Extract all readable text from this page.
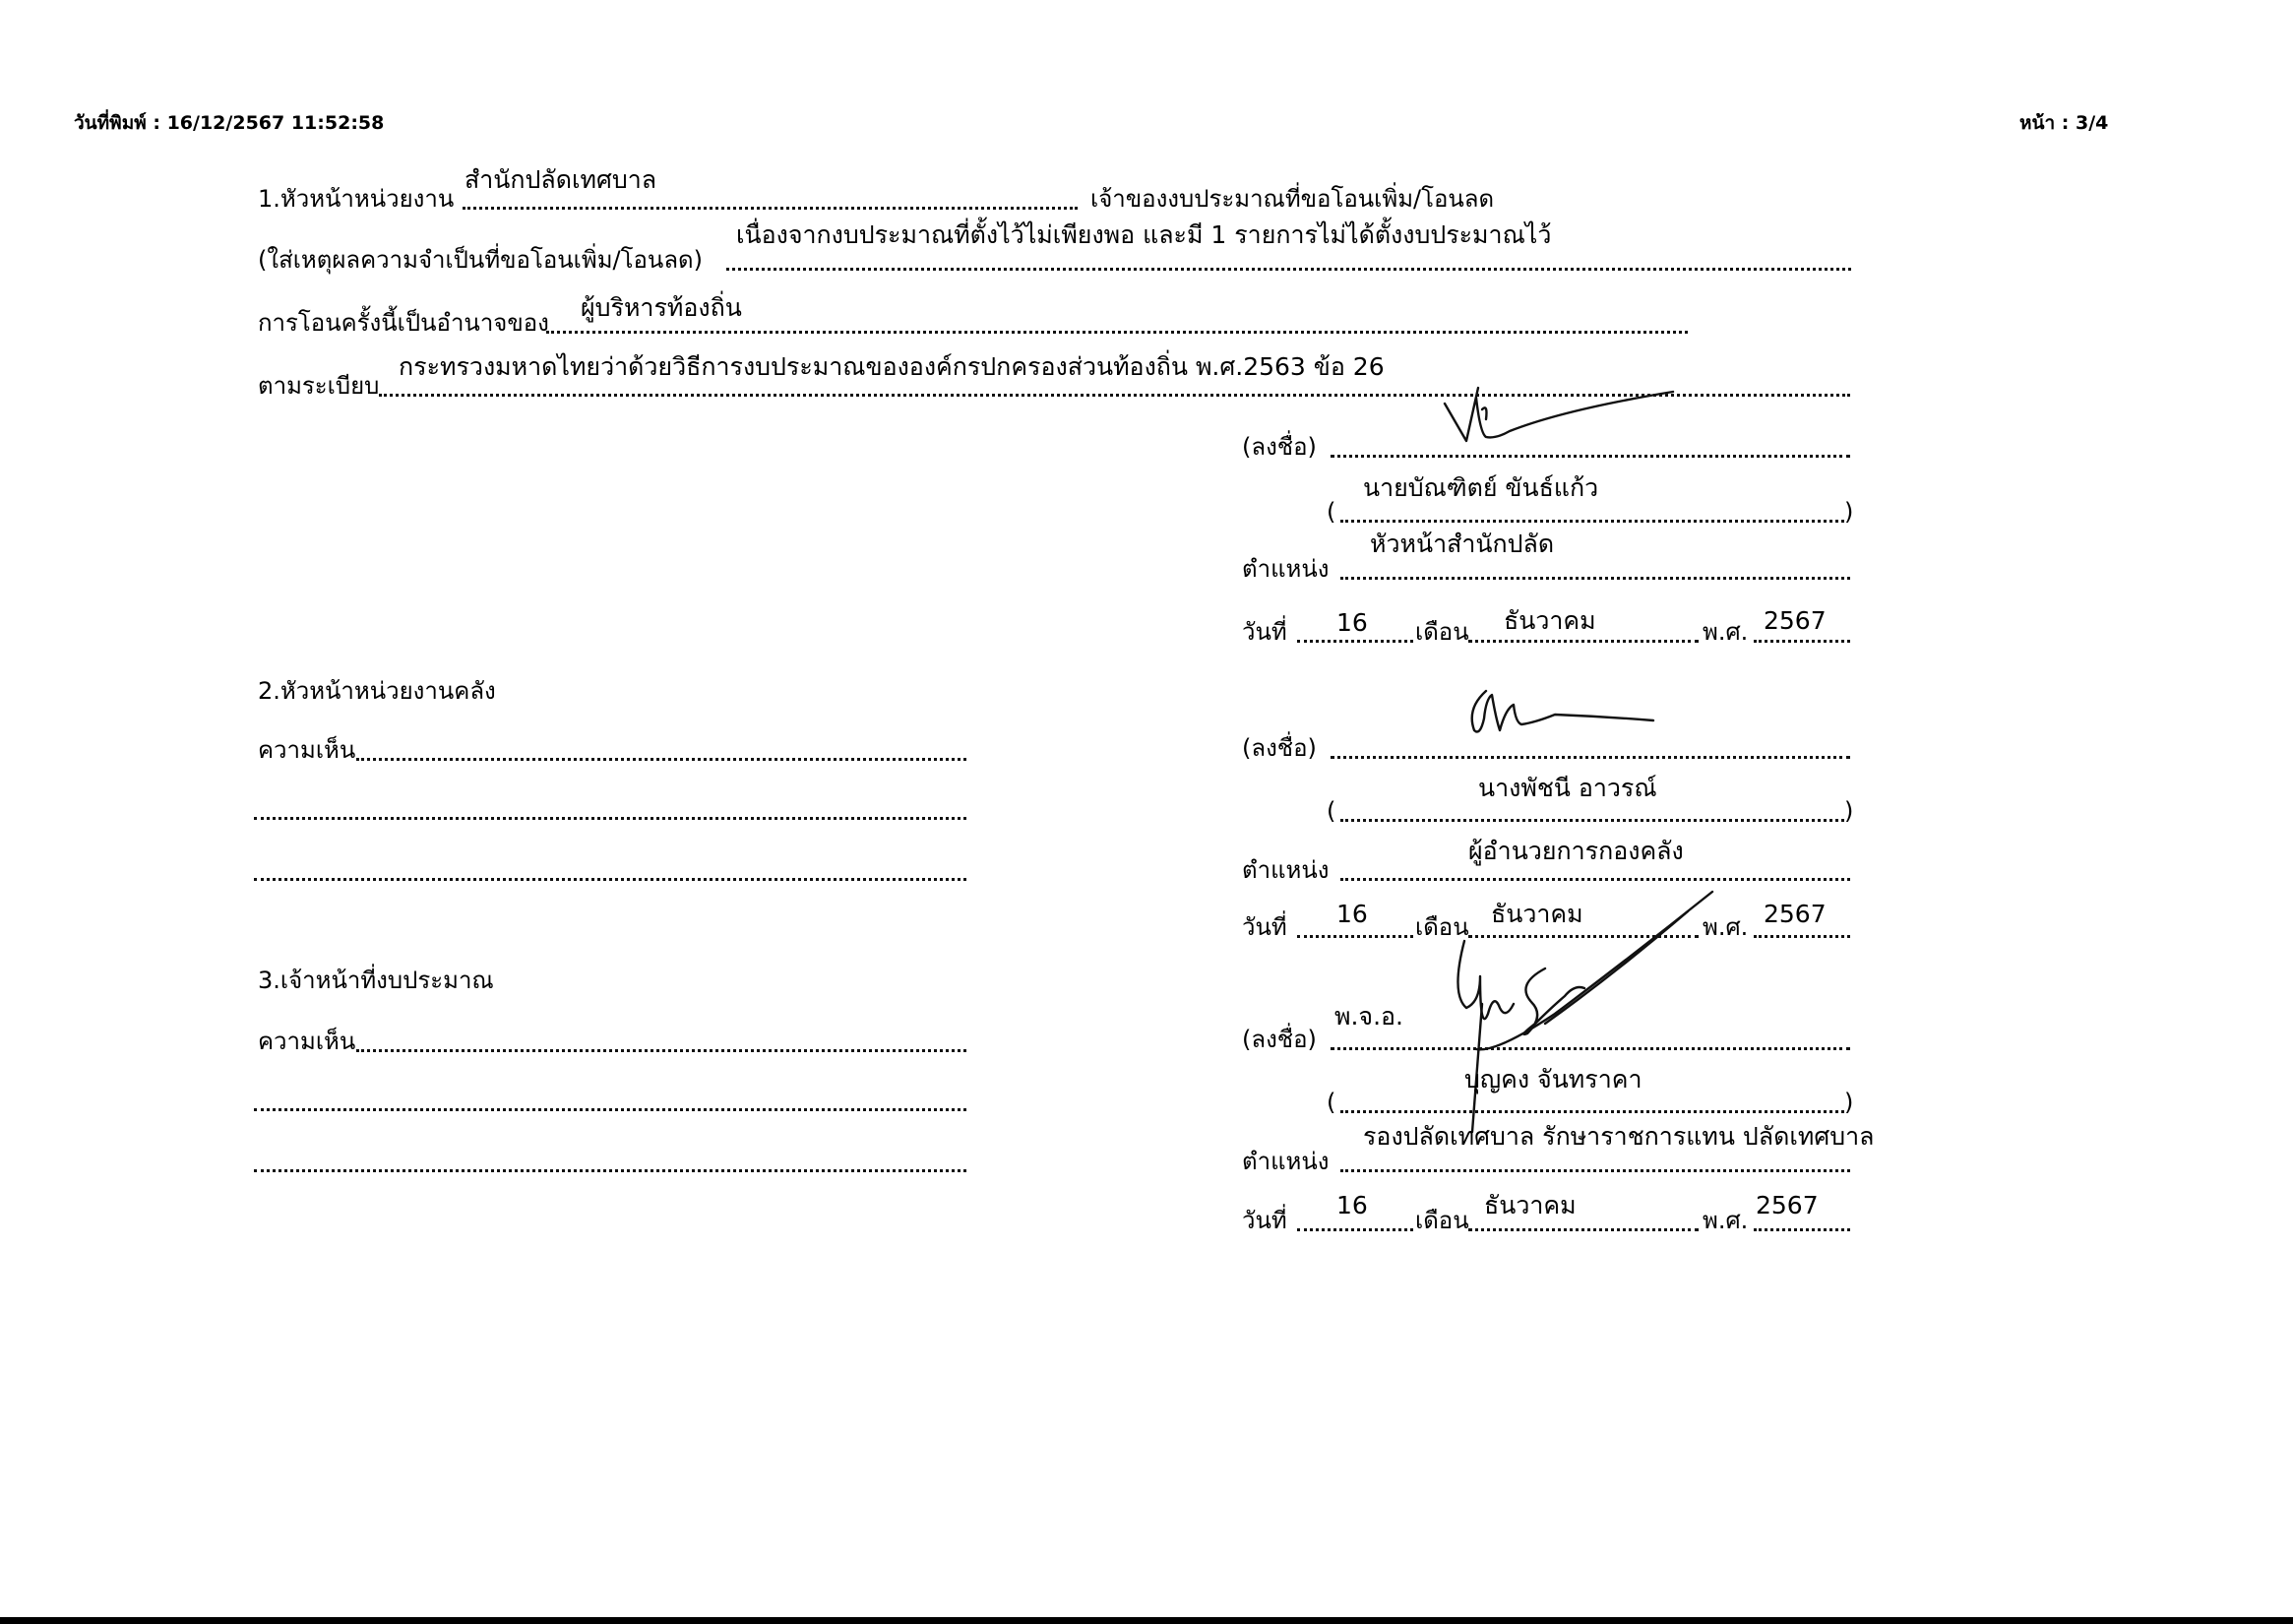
วันที่พิมพ์ : 16/12/2567 11:52:58	หน้า : 3/4
1.หัวหน้าหน่วยงาน
สำนักปลัดเทศบาล
เจ้าของงบประมาณที่ขอโอนเพิ่ม/โอนลด
(ใส่เหตุผลความจำเป็นที่ขอโอนเพิ่ม/โอนลด)
เนื่องจากงบประมาณที่ตั้งไว้ไม่เพียงพอ และมี 1 รายการไม่ได้ตั้งงบประมาณไว้
การโอนครั้งนี้เป็นอำนาจของ
ผู้บริหารท้องถิ่น
ตามระเบียบ
กระทรวงมหาดไทยว่าด้วยวิธีการงบประมาณขององค์กรปกครองส่วนท้องถิ่น พ.ศ.2563 ข้อ 26
(ลงชื่อ)
(	)
นายบัณฑิตย์ ขันธ์แก้ว
ตำแหน่ง
หัวหน้าสำนักปลัด
วันที่ 16 เดือน ธันวาคม	พ.ศ. 2567
2.หัวหน้าหน่วยงานคลัง
ความเห็น	(ลงชื่อ)
(	)
นางพัชนี อาวรณ์
ตำแหน่ง
ผู้อำนวยการกองคลัง
วันที่ 16 เดือน ธันวาคม	พ.ศ. 2567
3.เจ้าหน้าที่งบประมาณ
ความเห็น
พ.จ.อ.
(ลงชื่อ)
(	)
บุญคง จันทราคา
ตำแหน่ง
รองปลัดเทศบาล รักษาราชการแทน ปลัดเทศบาล
วันที่
16
เดือน
ธันวาคม
พ.ศ.
2567
